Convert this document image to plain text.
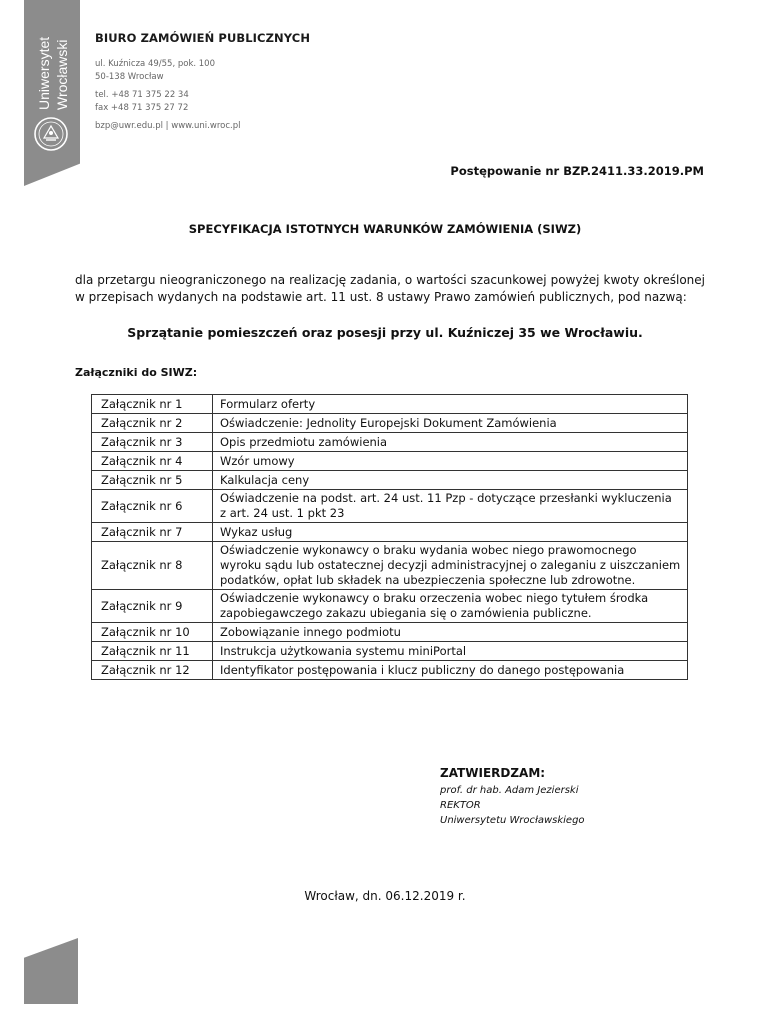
Uniwersytet Wrocławski
BIURO ZAMÓWIEŃ PUBLICZNYCH
ul. Kuźnicza 49/55, pok. 100
50-138 Wrocław
tel. +48 71 375 22 34
fax +48 71 375 27 72
bzp@uwr.edu.pl | www.uni.wroc.pl
Postępowanie nr BZP.2411.33.2019.PM
SPECYFIKACJA ISTOTNYCH WARUNKÓW ZAMÓWIENIA (SIWZ)
dla przetargu nieograniczonego na realizację zadania, o wartości szacunkowej powyżej kwoty określonej w przepisach wydanych na podstawie art. 11 ust. 8 ustawy Prawo zamówień publicznych, pod nazwą:
Sprzątanie pomieszczeń oraz posesji przy ul. Kuźniczej 35 we Wrocławiu.
Załączniki do SIWZ:
Załącznik nr 1	Formularz oferty
Załącznik nr 2	Oświadczenie: Jednolity Europejski Dokument Zamówienia
Załącznik nr 3	Opis przedmiotu zamówienia
Załącznik nr 4	Wzór umowy
Załącznik nr 5	Kalkulacja ceny
Załącznik nr 6	Oświadczenie na podst. art. 24 ust. 11 Pzp - dotyczące przesłanki wykluczenia z art. 24 ust. 1 pkt 23
Załącznik nr 7	Wykaz usług
Załącznik nr 8	Oświadczenie wykonawcy o braku wydania wobec niego prawomocnego wyroku sądu lub ostatecznej decyzji administracyjnej o zaleganiu z uiszczaniem podatków, opłat lub składek na ubezpieczenia społeczne lub zdrowotne.
Załącznik nr 9	Oświadczenie wykonawcy o braku orzeczenia wobec niego tytułem środka zapobiegawczego zakazu ubiegania się o zamówienia publiczne.
Załącznik nr 10	Zobowiązanie innego podmiotu
Załącznik nr 11	Instrukcja użytkowania systemu miniPortal
Załącznik nr 12	Identyfikator postępowania i klucz publiczny do danego postępowania
ZATWIERDZAM:
prof. dr hab. Adam Jezierski
REKTOR
Uniwersytetu Wrocławskiego
Wrocław, dn. 06.12.2019 r.
